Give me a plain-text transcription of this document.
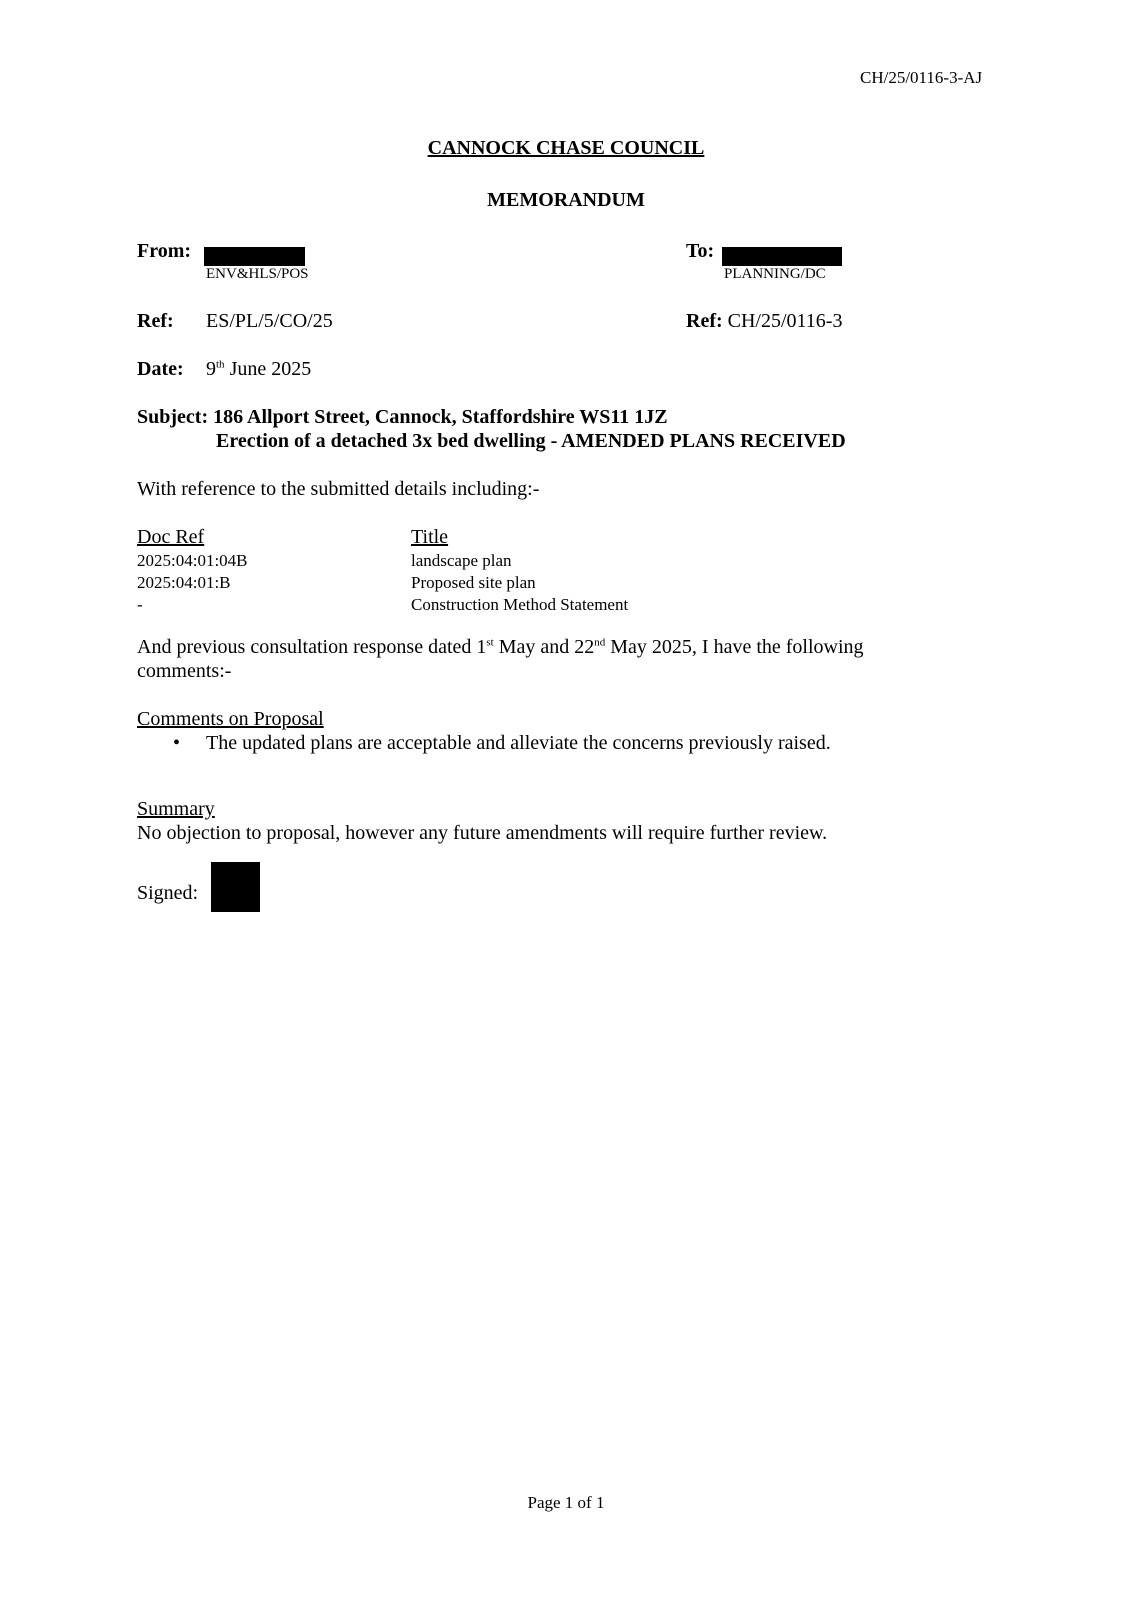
CH/25/0116-3-AJ
CANNOCK CHASE COUNCIL
MEMORANDUM
From:
ENV&HLS/POS
To:
PLANNING/DC
Ref: ES/PL/5/CO/25	Ref: CH/25/0116-3
Date: 9th June 2025
Subject: 186 Allport Street, Cannock, Staffordshire WS11 1JZ
Erection of a detached 3x bed dwelling - AMENDED PLANS RECEIVED
With reference to the submitted details including:-
Doc Ref	Title
2025:04:01:04B	landscape plan
2025:04:01:B	Proposed site plan
-	Construction Method Statement
And previous consultation response dated 1st May and 22nd May 2025, I have the following
comments:-
Comments on Proposal
• The updated plans are acceptable and alleviate the concerns previously raised.
Summary
No objection to proposal, however any future amendments will require further review.
Signed:
Page 1 of 1
